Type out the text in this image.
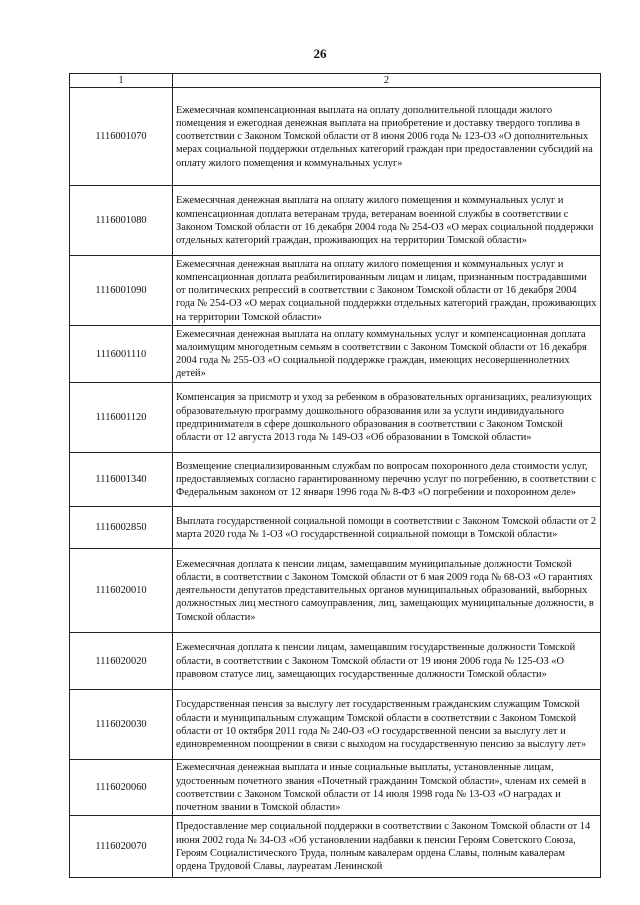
26
1	2
1116001070	Ежемесячная компенсационная выплата на оплату дополнительной площади жилого помещения и ежегодная денежная выплата на приобретение и доставку твердого топлива в соответствии с Законом Томской области от 8 июня 2006 года № 123-ОЗ «О дополнительных мерах социальной поддержки отдельных категорий граждан при предоставлении субсидий на оплату жилого помещения и коммунальных услуг»
1116001080	Ежемесячная денежная выплата на оплату жилого помещения и коммунальных услуг и компенсационная доплата ветеранам труда, ветеранам военной службы в соответствии с Законом Томской области от 16 декабря 2004 года № 254-ОЗ «О мерах социальной поддержки отдельных категорий граждан, проживающих на территории Томской области»
1116001090	Ежемесячная денежная выплата на оплату жилого помещения и коммунальных услуг и компенсационная доплата реабилитированным лицам и лицам, признанным пострадавшими от политических репрессий в соответствии с Законом Томской области от 16 декабря 2004 года № 254-ОЗ «О мерах социальной поддержки отдельных категорий граждан, проживающих на территории Томской области»
1116001110	Ежемесячная денежная выплата на оплату коммунальных услуг и компенсационная доплата малоимущим многодетным семьям в соответствии с Законом Томской области от 16 декабря 2004 года № 255-ОЗ «О социальной поддержке граждан, имеющих несовершеннолетних детей»
1116001120	Компенсация за присмотр и уход за ребенком в образовательных организациях, реализующих образовательную программу дошкольного образования или за услуги индивидуального предпринимателя в сфере дошкольного образования в соответствии с Законом Томской области от 12 августа 2013 года № 149-ОЗ «Об образовании в Томской области»
1116001340	Возмещение специализированным службам по вопросам похоронного дела стоимости услуг, предоставляемых согласно гарантированному перечню услуг по погребению, в соответствии с Федеральным законом от 12 января 1996 года № 8-ФЗ «О погребении и похоронном деле»
1116002850	Выплата государственной социальной помощи в соответствии с Законом Томской области от 2 марта 2020 года № 1-ОЗ «О государственной социальной помощи в Томской области»
1116020010	Ежемесячная доплата к пенсии лицам, замещавшим муниципальные должности Томской области, в соответствии с Законом Томской области от 6 мая 2009 года № 68-ОЗ «О гарантиях деятельности депутатов представительных органов муниципальных образований, выборных должностных лиц местного самоуправления, лиц, замещающих муниципальные должности, в Томской области»
1116020020	Ежемесячная доплата к пенсии лицам, замещавшим государственные должности Томской области, в соответствии с Законом Томской области от 19 июня 2006 года № 125-ОЗ «О правовом статусе лиц, замещающих государственные должности Томской области»
1116020030	Государственная пенсия за выслугу лет государственным гражданским служащим Томской области и муниципальным служащим Томской области в соответствии с Законом Томской области от 10 октября 2011 года № 240-ОЗ «О государственной пенсии за выслугу лет и единовременном поощрении в связи с выходом на государственную пенсию за выслугу лет»
1116020060	Ежемесячная денежная выплата и иные социальные выплаты, установленные лицам, удостоенным почетного звания «Почетный гражданин Томской области», членам их семей в соответствии с Законом Томской области от 14 июля 1998 года № 13-ОЗ «О наградах и почетном звании в Томской области»
1116020070	Предоставление мер социальной поддержки в соответствии с Законом Томской области от 14 июня 2002 года № 34-ОЗ «Об установлении надбавки к пенсии Героям Советского Союза, Героям Социалистического Труда, полным кавалерам ордена Славы, полным кавалерам ордена Трудовой Славы, лауреатам Ленинской
